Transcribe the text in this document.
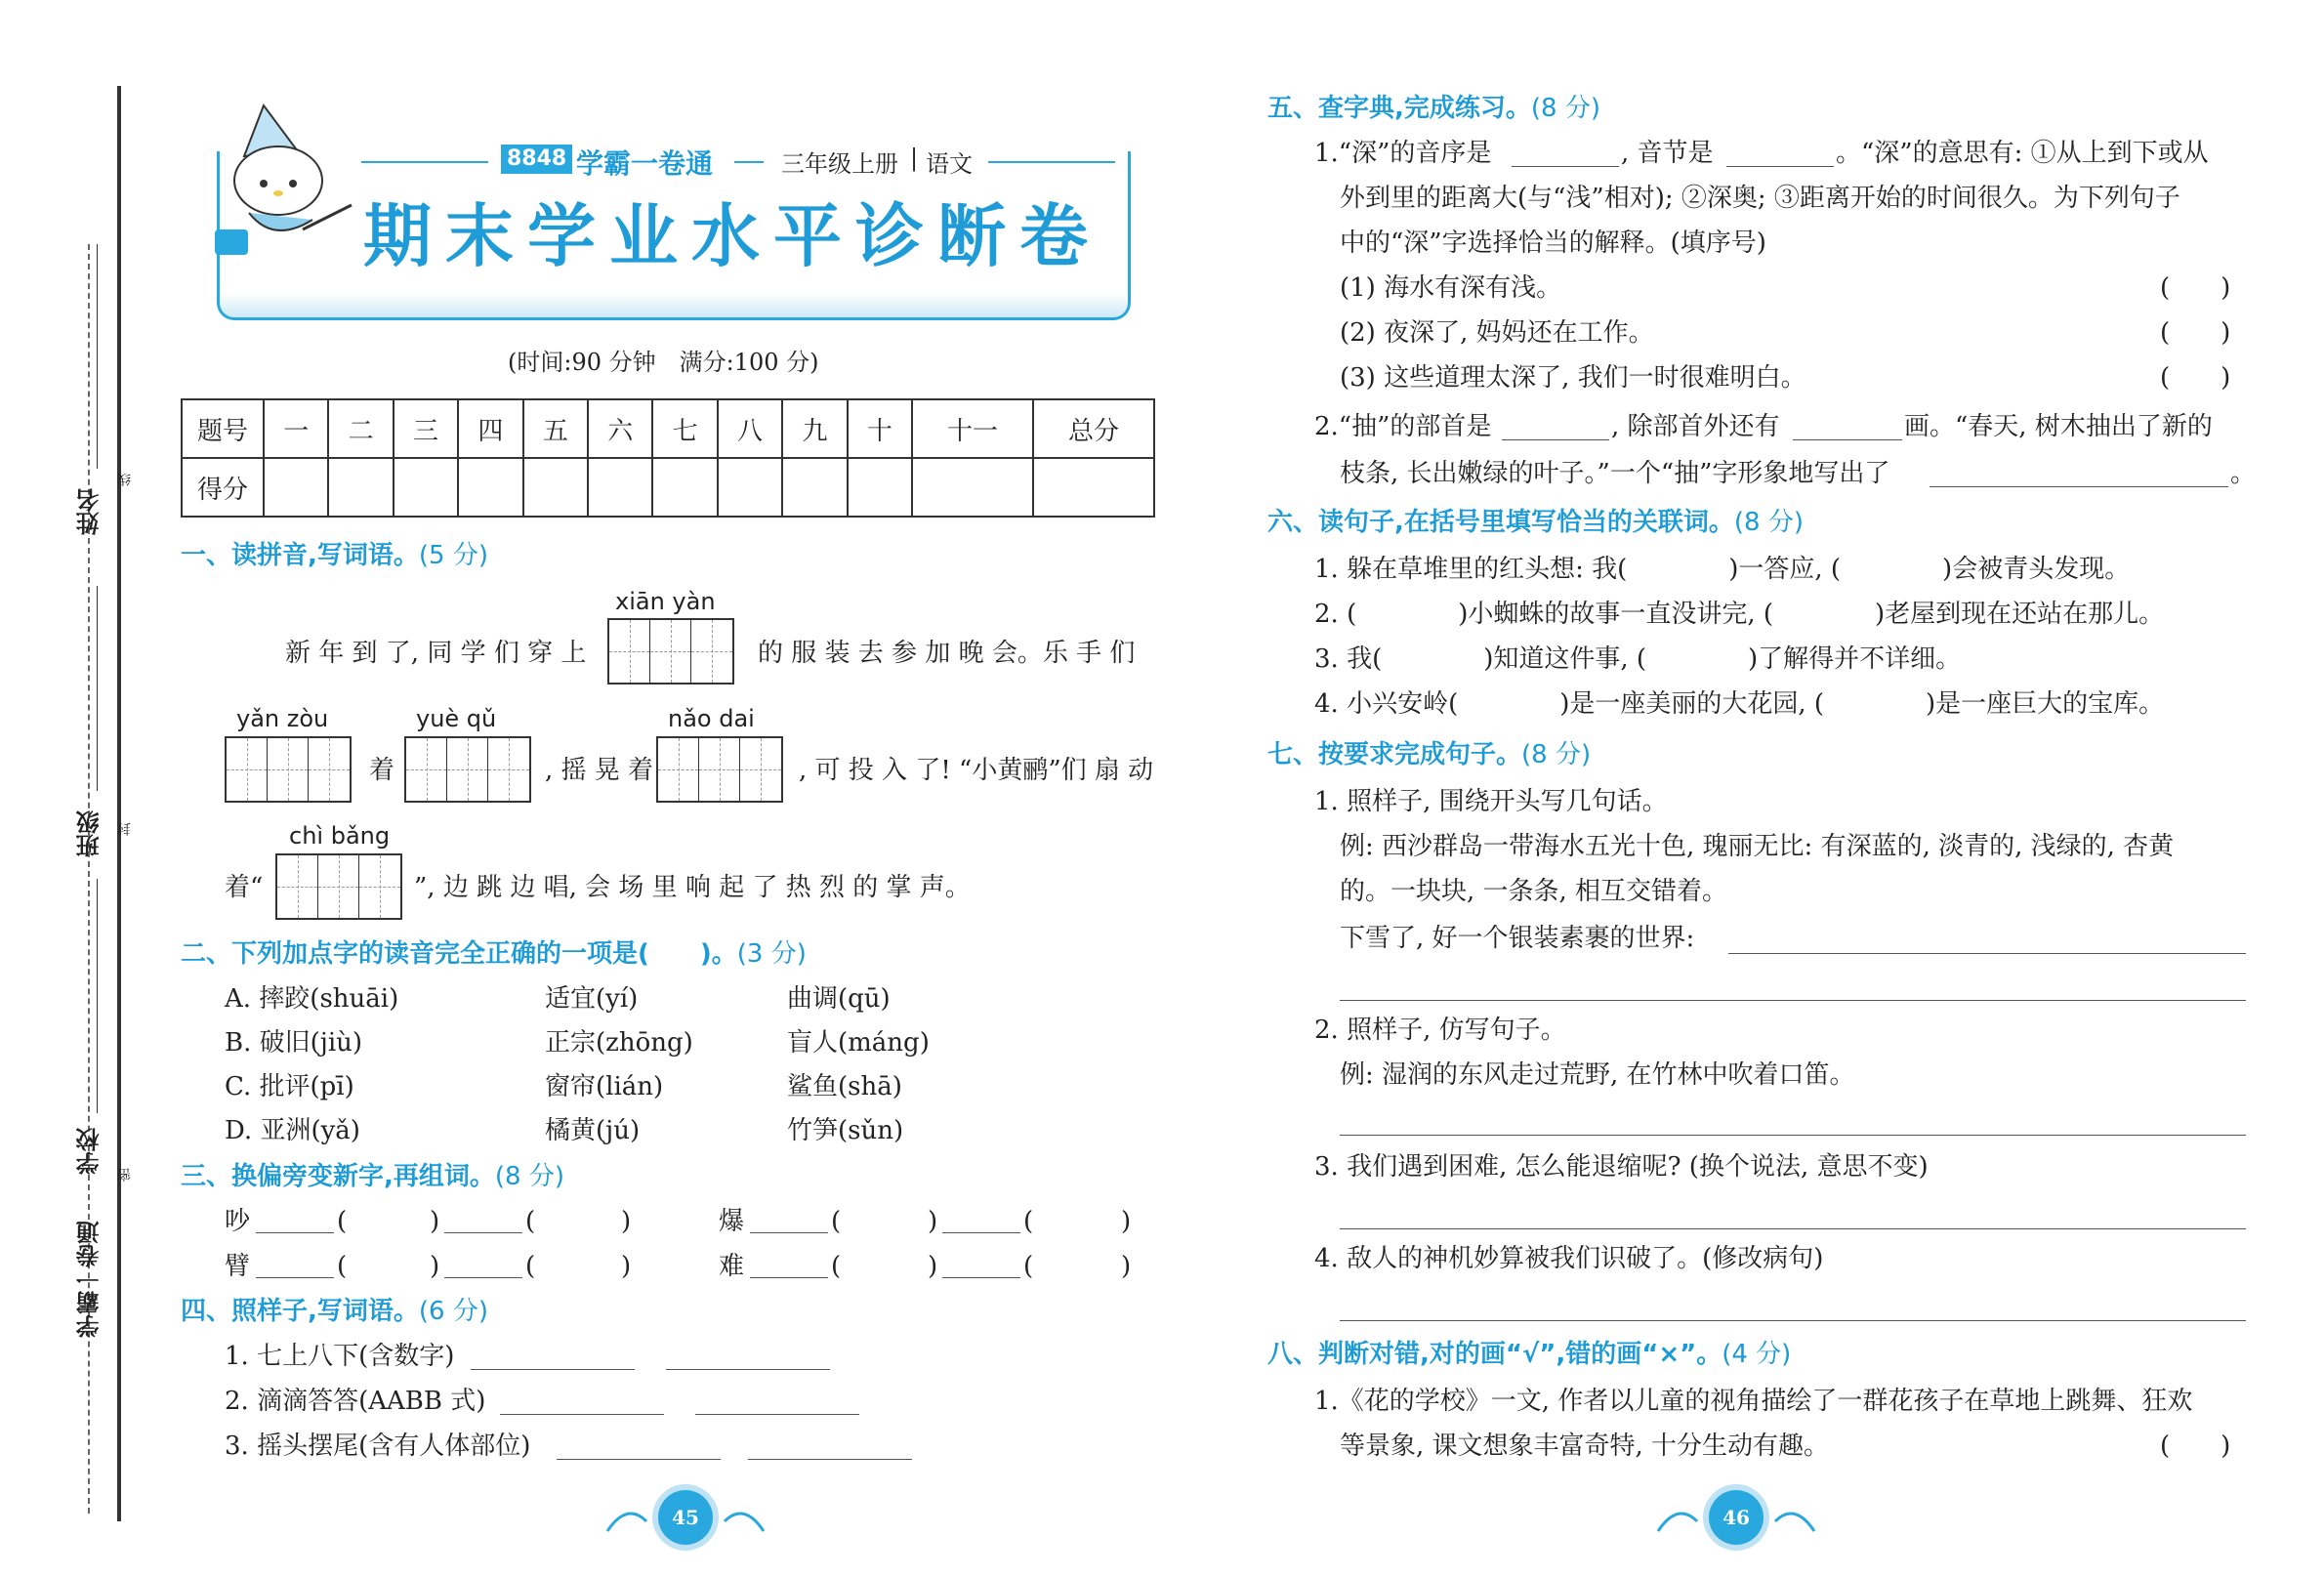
姓名
班级
学校
学霸一卷通
线
封
密
54
8848 学霸一卷通	三年级上册 | 语文
期末学业水平诊断卷
(时间:90 分钟　满分:100 分)
题号	一	二	三	四	五	六	七	八	九	十	十一	总分
得分												
一、读拼音,写词语。(5 分)
xiān yàn
新 年 到 了, 同 学 们 穿 上	的 服 装 去 参 加 晚 会。乐 手 们
yǎn zòu
着
yuè qǔ
, 摇 晃 着
nǎo dai
, 可 投 入 了! “小黄鹂”们 扇 动
chì bǎng
着“	”, 边 跳 边 唱, 会 场 里 响 起 了 热 烈 的 掌 声。
二、下列加点字的读音完全正确的一项是(　　)。(3 分)
A. 摔跤(shuāi)	适宜(yí)	曲调(qū)
B. 破旧(jiù)	正宗(zhōng)	盲人(máng)
C. 批评(pī)	窗帘(lián)	鲨鱼(shā)
D. 亚洲(yǎ)	橘黄(jú)	竹笋(sǔn)
三、换偏旁变新字,再组词。(8 分)
吵	(	)	(	)	爆	(	)	(	)
臂	(	)	(	)	难	(	)	(	)
四、照样子,写词语。(6 分)
1. 七上八下(含数字)
2. 滴滴答答(AABB 式)
3. 摇头摆尾(含有人体部位)
45
五、查字典,完成练习。(8 分)
1.“深”的音序是	, 音节是	。“深”的意思有: ①从上到下或从
外到里的距离大(与“浅”相对); ②深奥; ③距离开始的时间很久。为下列句子
中的“深”字选择恰当的解释。(填序号)
(1) 海水有深有浅。	(　　)
(2) 夜深了, 妈妈还在工作。	(　　)
(3) 这些道理太深了, 我们一时很难明白。	(　　)
2.“抽”的部首是	, 除部首外还有	画。“春天, 树木抽出了新的
枝条, 长出嫩绿的叶子。”一个“抽”字形象地写出了	。
六、读句子,在括号里填写恰当的关联词。(8 分)
1. 躲在草堆里的红头想: 我(　　　　)一答应, (　　　　)会被青头发现。
2. (　　　　)小蜘蛛的故事一直没讲完, (　　　　)老屋到现在还站在那儿。
3. 我(　　　　)知道这件事, (　　　　)了解得并不详细。
4. 小兴安岭(　　　　)是一座美丽的大花园, (　　　　)是一座巨大的宝库。
七、按要求完成句子。(8 分)
1. 照样子, 围绕开头写几句话。
例: 西沙群岛一带海水五光十色, 瑰丽无比: 有深蓝的, 淡青的, 浅绿的, 杏黄
的。一块块, 一条条, 相互交错着。
下雪了, 好一个银装素裹的世界:
2. 照样子, 仿写句子。
例: 湿润的东风走过荒野, 在竹林中吹着口笛。
3. 我们遇到困难, 怎么能退缩呢? (换个说法, 意思不变)
4. 敌人的神机妙算被我们识破了。(修改病句)
八、判断对错,对的画“√”,错的画“×”。(4 分)
1.《花的学校》一文, 作者以儿童的视角描绘了一群花孩子在草地上跳舞、狂欢
等景象, 课文想象丰富奇特, 十分生动有趣。	(　　)
46
